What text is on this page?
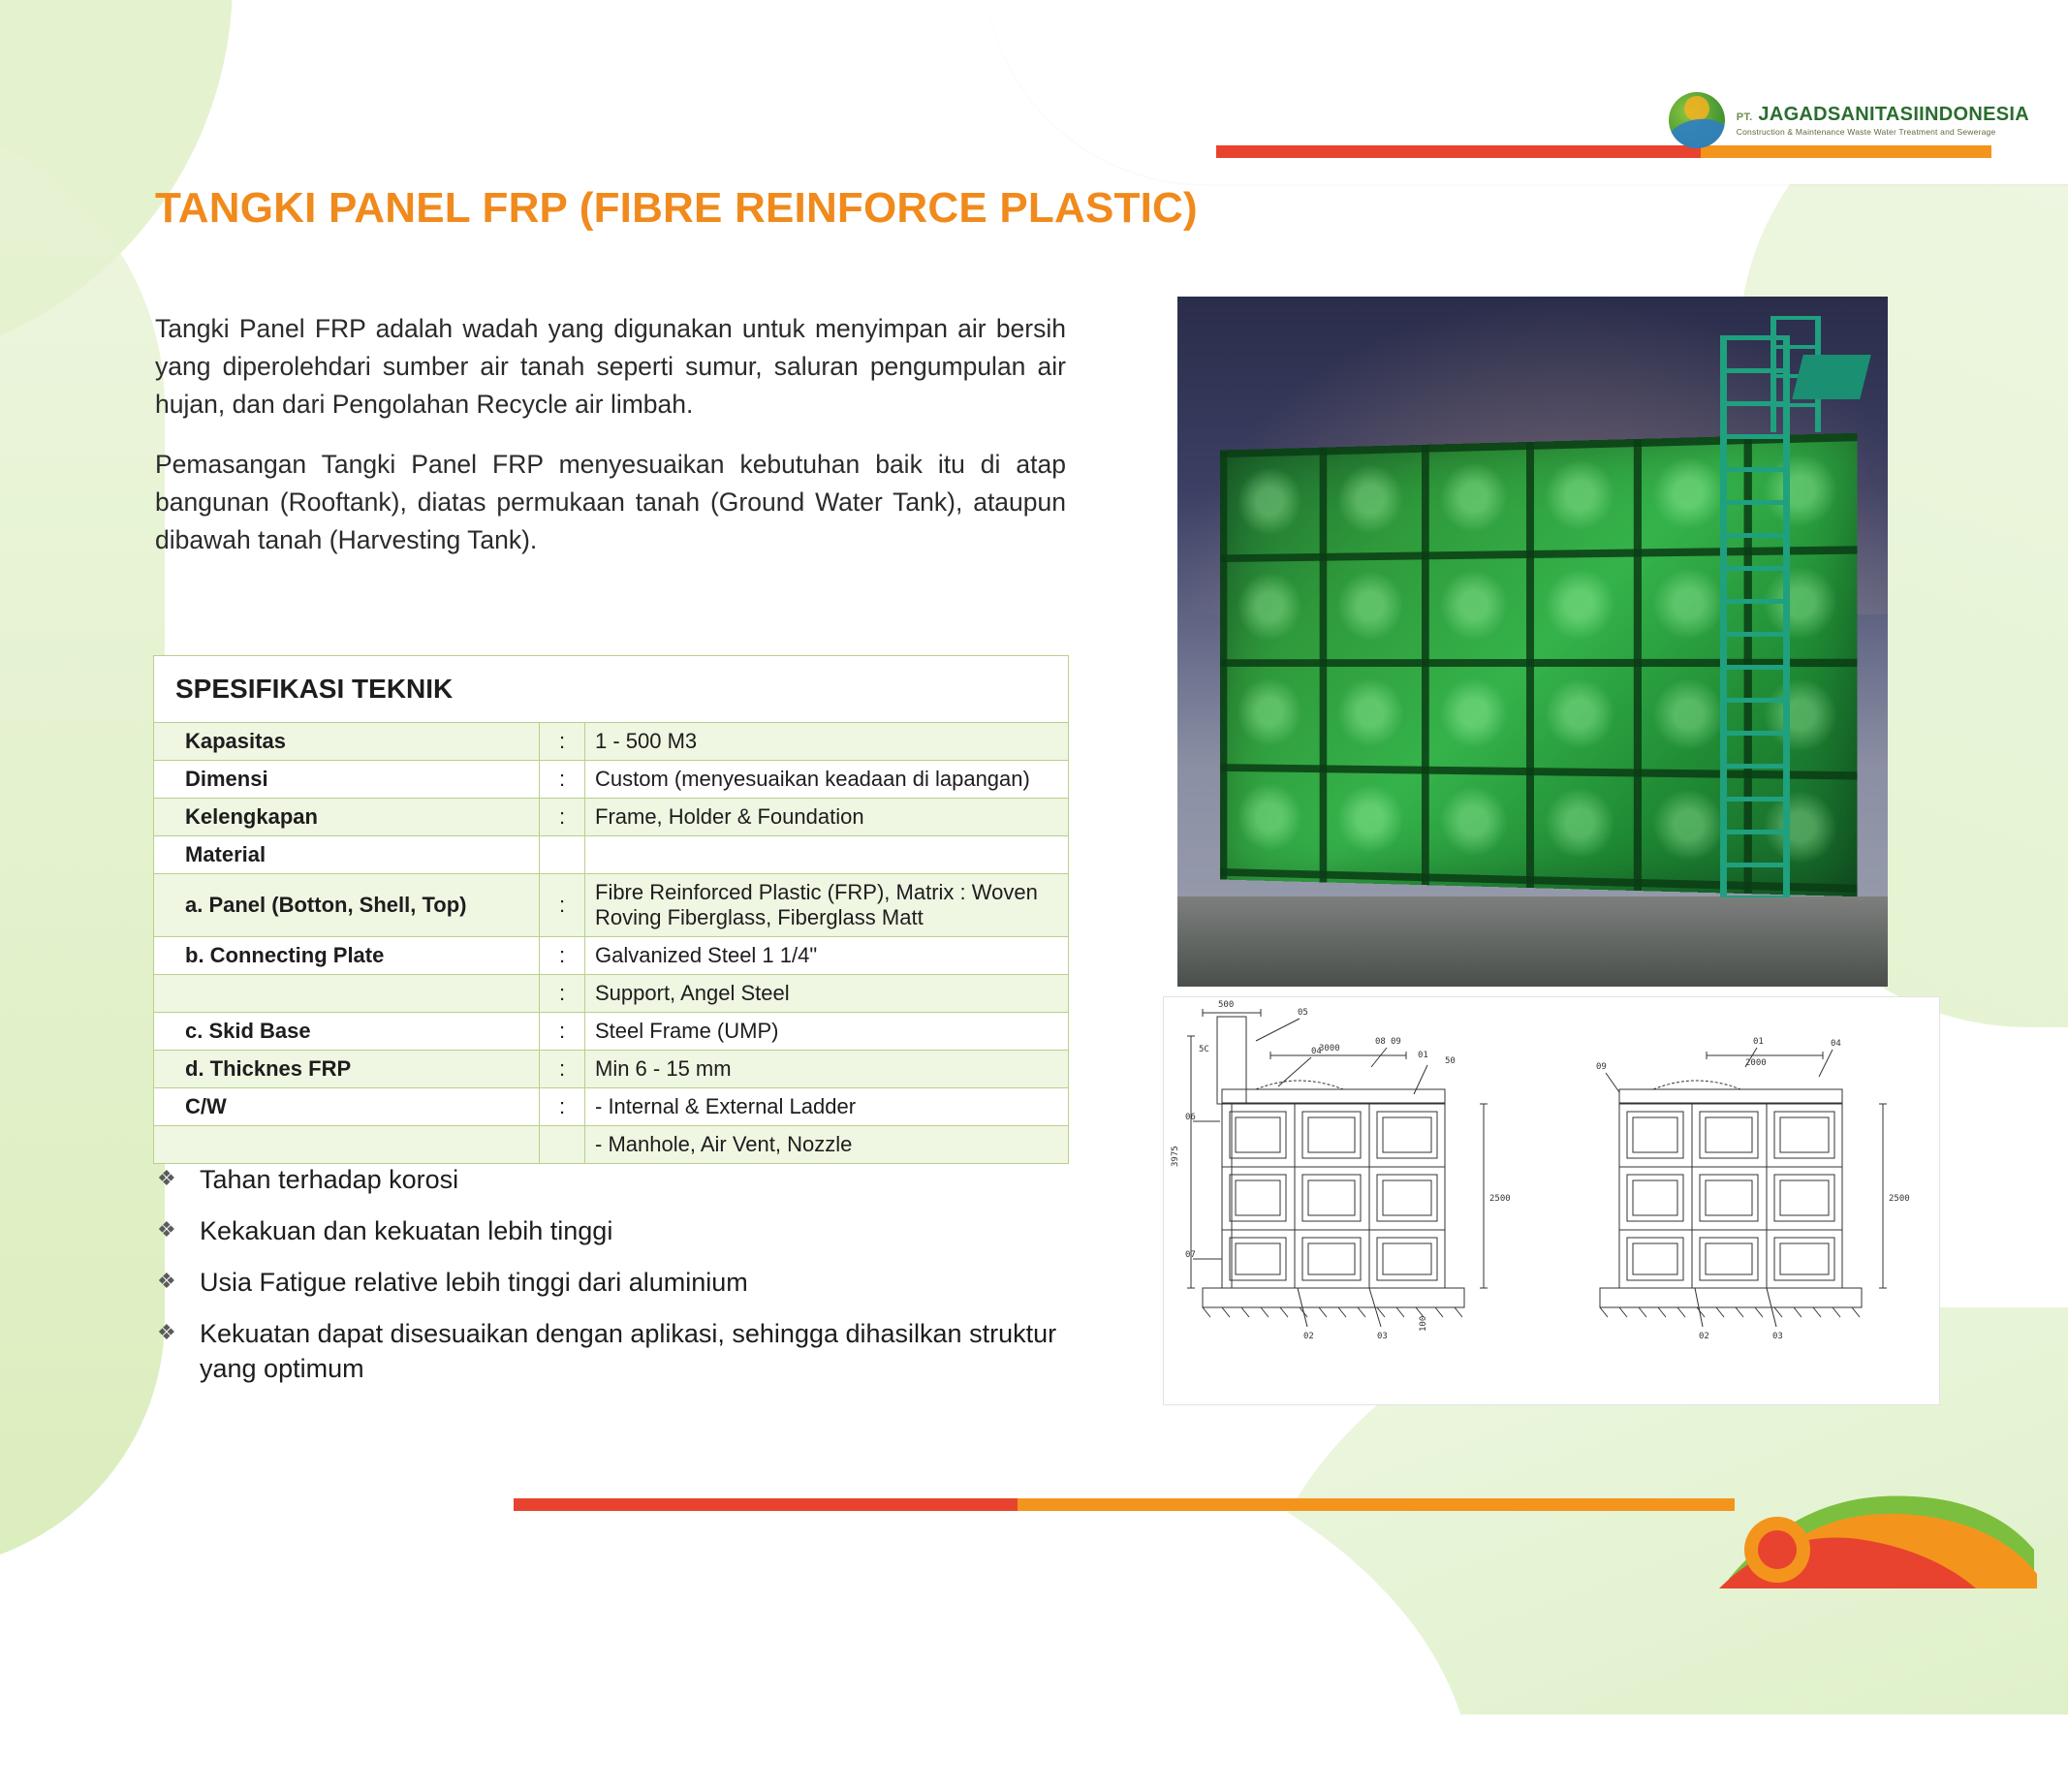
PT. JAGADSANITASIINDONESIA
Construction & Maintenance Waste Water Treatment and Sewerage
TANGKI PANEL FRP (FIBRE REINFORCE PLASTIC)

Tangki Panel FRP adalah wadah yang digunakan untuk menyimpan air bersih yang diperolehdari sumber air tanah seperti sumur, saluran pengumpulan air hujan, dan dari Pengolahan Recycle air limbah.

Pemasangan Tangki Panel FRP menyesuaikan kebutuhan baik itu di atap bangunan (Rooftank), diatas permukaan tanah (Ground Water Tank), ataupun dibawah tanah (Harvesting Tank).

SPESIFIKASI TEKNIK		
Kapasitas	:	1 - 500 M3
Dimensi	:	Custom (menyesuaikan keadaan di lapangan)
Kelengkapan	:	Frame, Holder & Foundation
Material		
a. Panel (Botton, Shell, Top)	:	Fibre Reinforced Plastic (FRP), Matrix : Woven Roving Fiberglass, Fiberglass Matt
b. Connecting Plate	:	Galvanized Steel 1 1/4"
	:	Support, Angel Steel
c. Skid Base	:	Steel Frame (UMP)
d. Thicknes FRP	:	Min 6 - 15 mm
C/W	:	- Internal & External Ladder
		- Manhole, Air Vent, Nozzle
❖ Tahan terhadap korosi
❖ Kekakuan dan kekuatan lebih tinggi
❖ Usia Fatigue relative lebih tinggi dari aluminium
❖ Kekuatan dapat disesuaikan dengan aplikasi, sehingga dihasilkan struktur yang optimum
500
05
04
5C	3000
08 09
01
50
06
2500
07
3975
02	03
100
01	04
2000
09
2500
02	03
